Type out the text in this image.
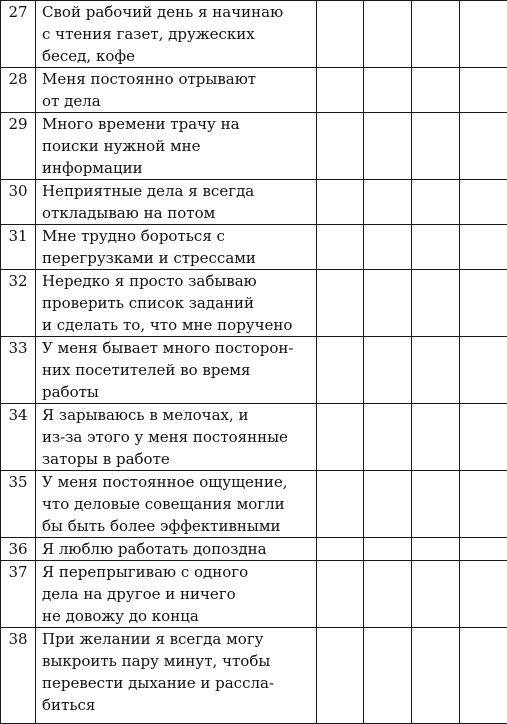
27	Свой рабочий день я начинаю
с чтения газет, дружеских
бесед, кофе				

28	Меня постоянно отрывают
от дела				

29	Много времени трачу на
поиски нужной мне
информации				

30	Неприятные дела я всегда
откладываю на потом				

31	Мне трудно бороться с
перегрузками и стрессами				

32	Нередко я просто забываю
проверить список заданий
и сделать то, что мне поручено				

33	У меня бывает много посторон-
них посетителей во время
работы				

34	Я зарываюсь в мелочах, и
из-за этого у меня постоянные
заторы в работе				

35	У меня постоянное ощущение,
что деловые совещания могли
бы быть более эффективными				

36	Я люблю работать допоздна				

37	Я перепрыгиваю с одного
дела на другое и ничего
не довожу до конца				

38	При желании я всегда могу
выкроить пару минут, чтобы
перевести дыхание и рассла-
биться				
